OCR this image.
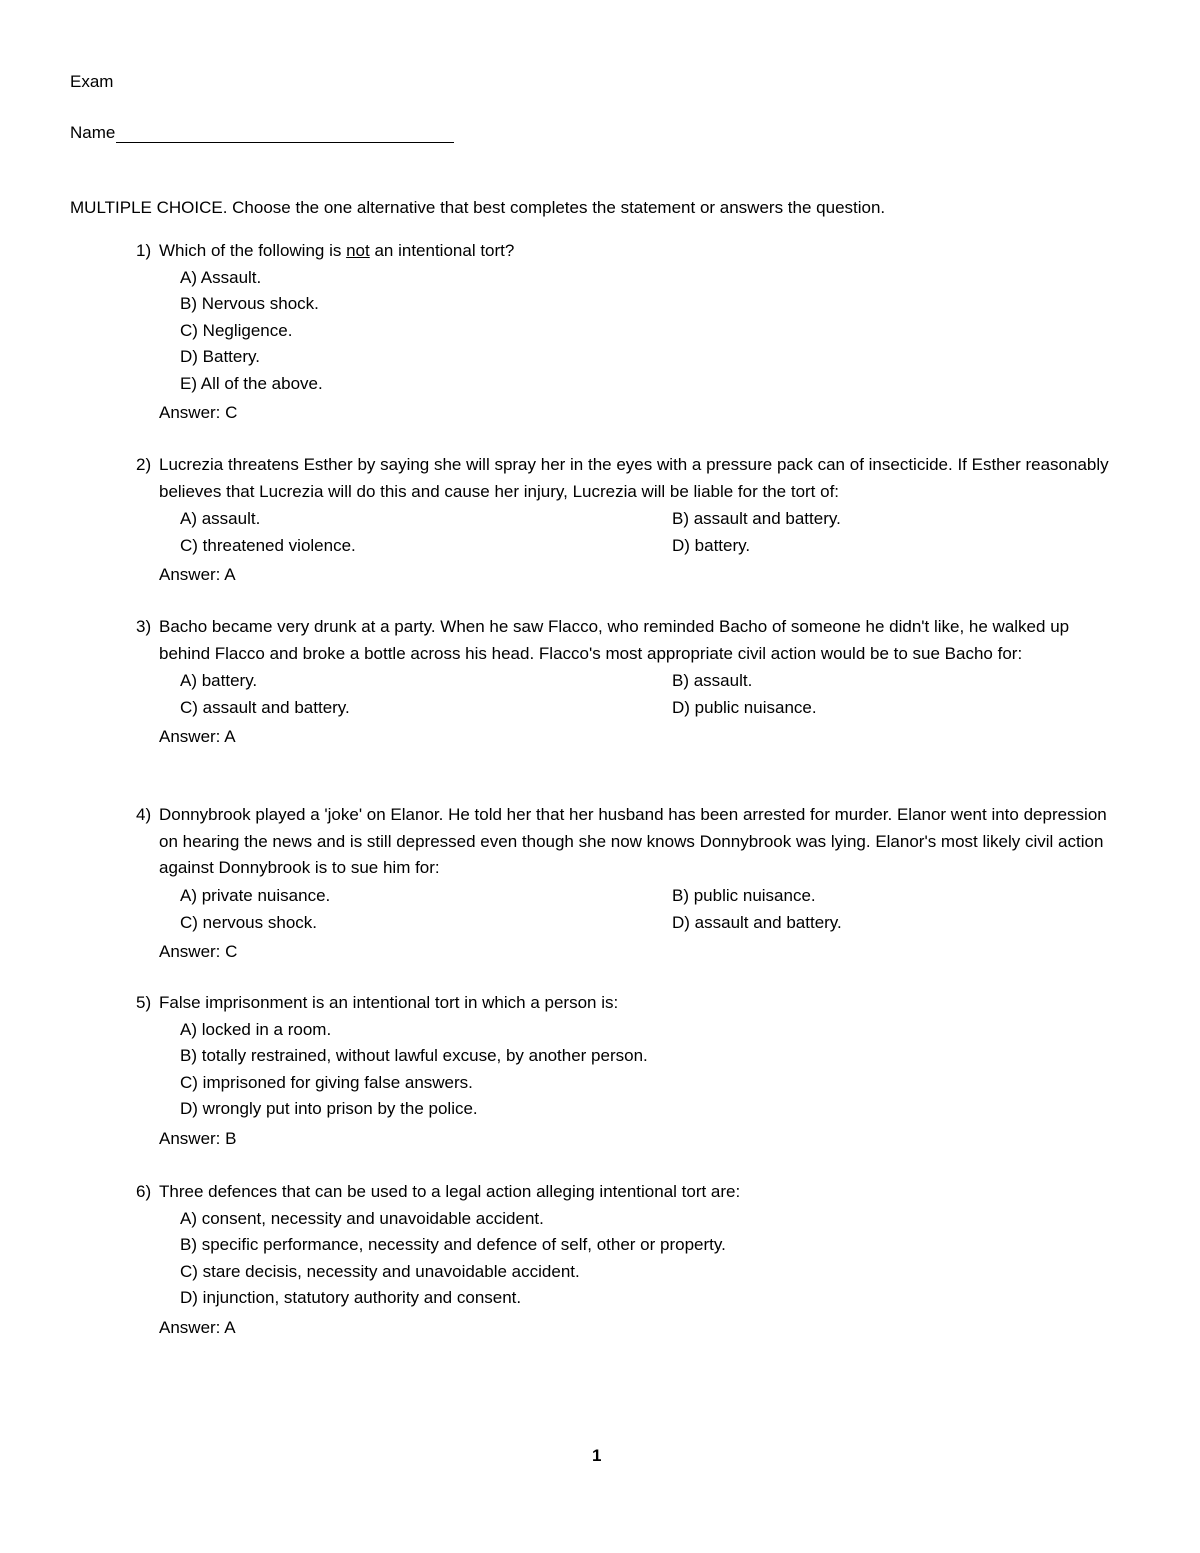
Exam
Name
MULTIPLE CHOICE. Choose the one alternative that best completes the statement or answers the question.
1) Which of the following is not an intentional tort?
A) Assault.
B) Nervous shock.
C) Negligence.
D) Battery.
E) All of the above.
Answer: C
2) Lucrezia threatens Esther by saying she will spray her in the eyes with a pressure pack can of insecticide. If Esther reasonably believes that Lucrezia will do this and cause her injury, Lucrezia will be liable for the tort of:
A) assault.	B) assault and battery.
C) threatened violence.	D) battery.
Answer: A
3) Bacho became very drunk at a party. When he saw Flacco, who reminded Bacho of someone he didn't like, he walked up behind Flacco and broke a bottle across his head. Flacco's most appropriate civil action would be to sue Bacho for:
A) battery.	B) assault.
C) assault and battery.	D) public nuisance.
Answer: A
4) Donnybrook played a 'joke' on Elanor. He told her that her husband has been arrested for murder. Elanor went into depression on hearing the news and is still depressed even though she now knows Donnybrook was lying. Elanor's most likely civil action against Donnybrook is to sue him for:
A) private nuisance.	B) public nuisance.
C) nervous shock.	D) assault and battery.
Answer: C
5) False imprisonment is an intentional tort in which a person is:
A) locked in a room.
B) totally restrained, without lawful excuse, by another person.
C) imprisoned for giving false answers.
D) wrongly put into prison by the police.
Answer: B
6) Three defences that can be used to a legal action alleging intentional tort are:
A) consent, necessity and unavoidable accident.
B) specific performance, necessity and defence of self, other or property.
C) stare decisis, necessity and unavoidable accident.
D) injunction, statutory authority and consent.
Answer: A
1
